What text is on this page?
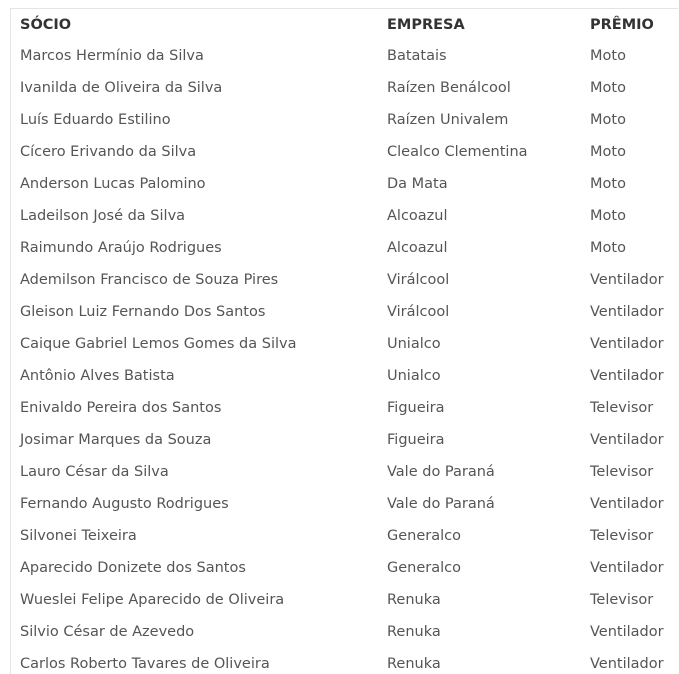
SÓCIO	EMPRESA	PRÊMIO
Marcos Hermínio da Silva	Batatais	Moto
Ivanilda de Oliveira da Silva	Raízen Benálcool	Moto
Luís Eduardo Estilino	Raízen Univalem	Moto
Cícero Erivando da Silva	Clealco Clementina	Moto
Anderson Lucas Palomino	Da Mata	Moto
Ladeilson José da Silva	Alcoazul	Moto
Raimundo Araújo Rodrigues	Alcoazul	Moto
Ademilson Francisco de Souza Pires	Virálcool	Ventilador
Gleison Luiz Fernando Dos Santos	Virálcool	Ventilador
Caique Gabriel Lemos Gomes da Silva	Unialco	Ventilador
Antônio Alves Batista	Unialco	Ventilador
Enivaldo Pereira dos Santos	Figueira	Televisor
Josimar Marques da Souza	Figueira	Ventilador
Lauro César da Silva	Vale do Paraná	Televisor
Fernando Augusto Rodrigues	Vale do Paraná	Ventilador
Silvonei Teixeira	Generalco	Televisor
Aparecido Donizete dos Santos	Generalco	Ventilador
Wueslei Felipe Aparecido de Oliveira	Renuka	Televisor
Silvio César de Azevedo	Renuka	Ventilador
Carlos Roberto Tavares de Oliveira	Renuka	Ventilador
